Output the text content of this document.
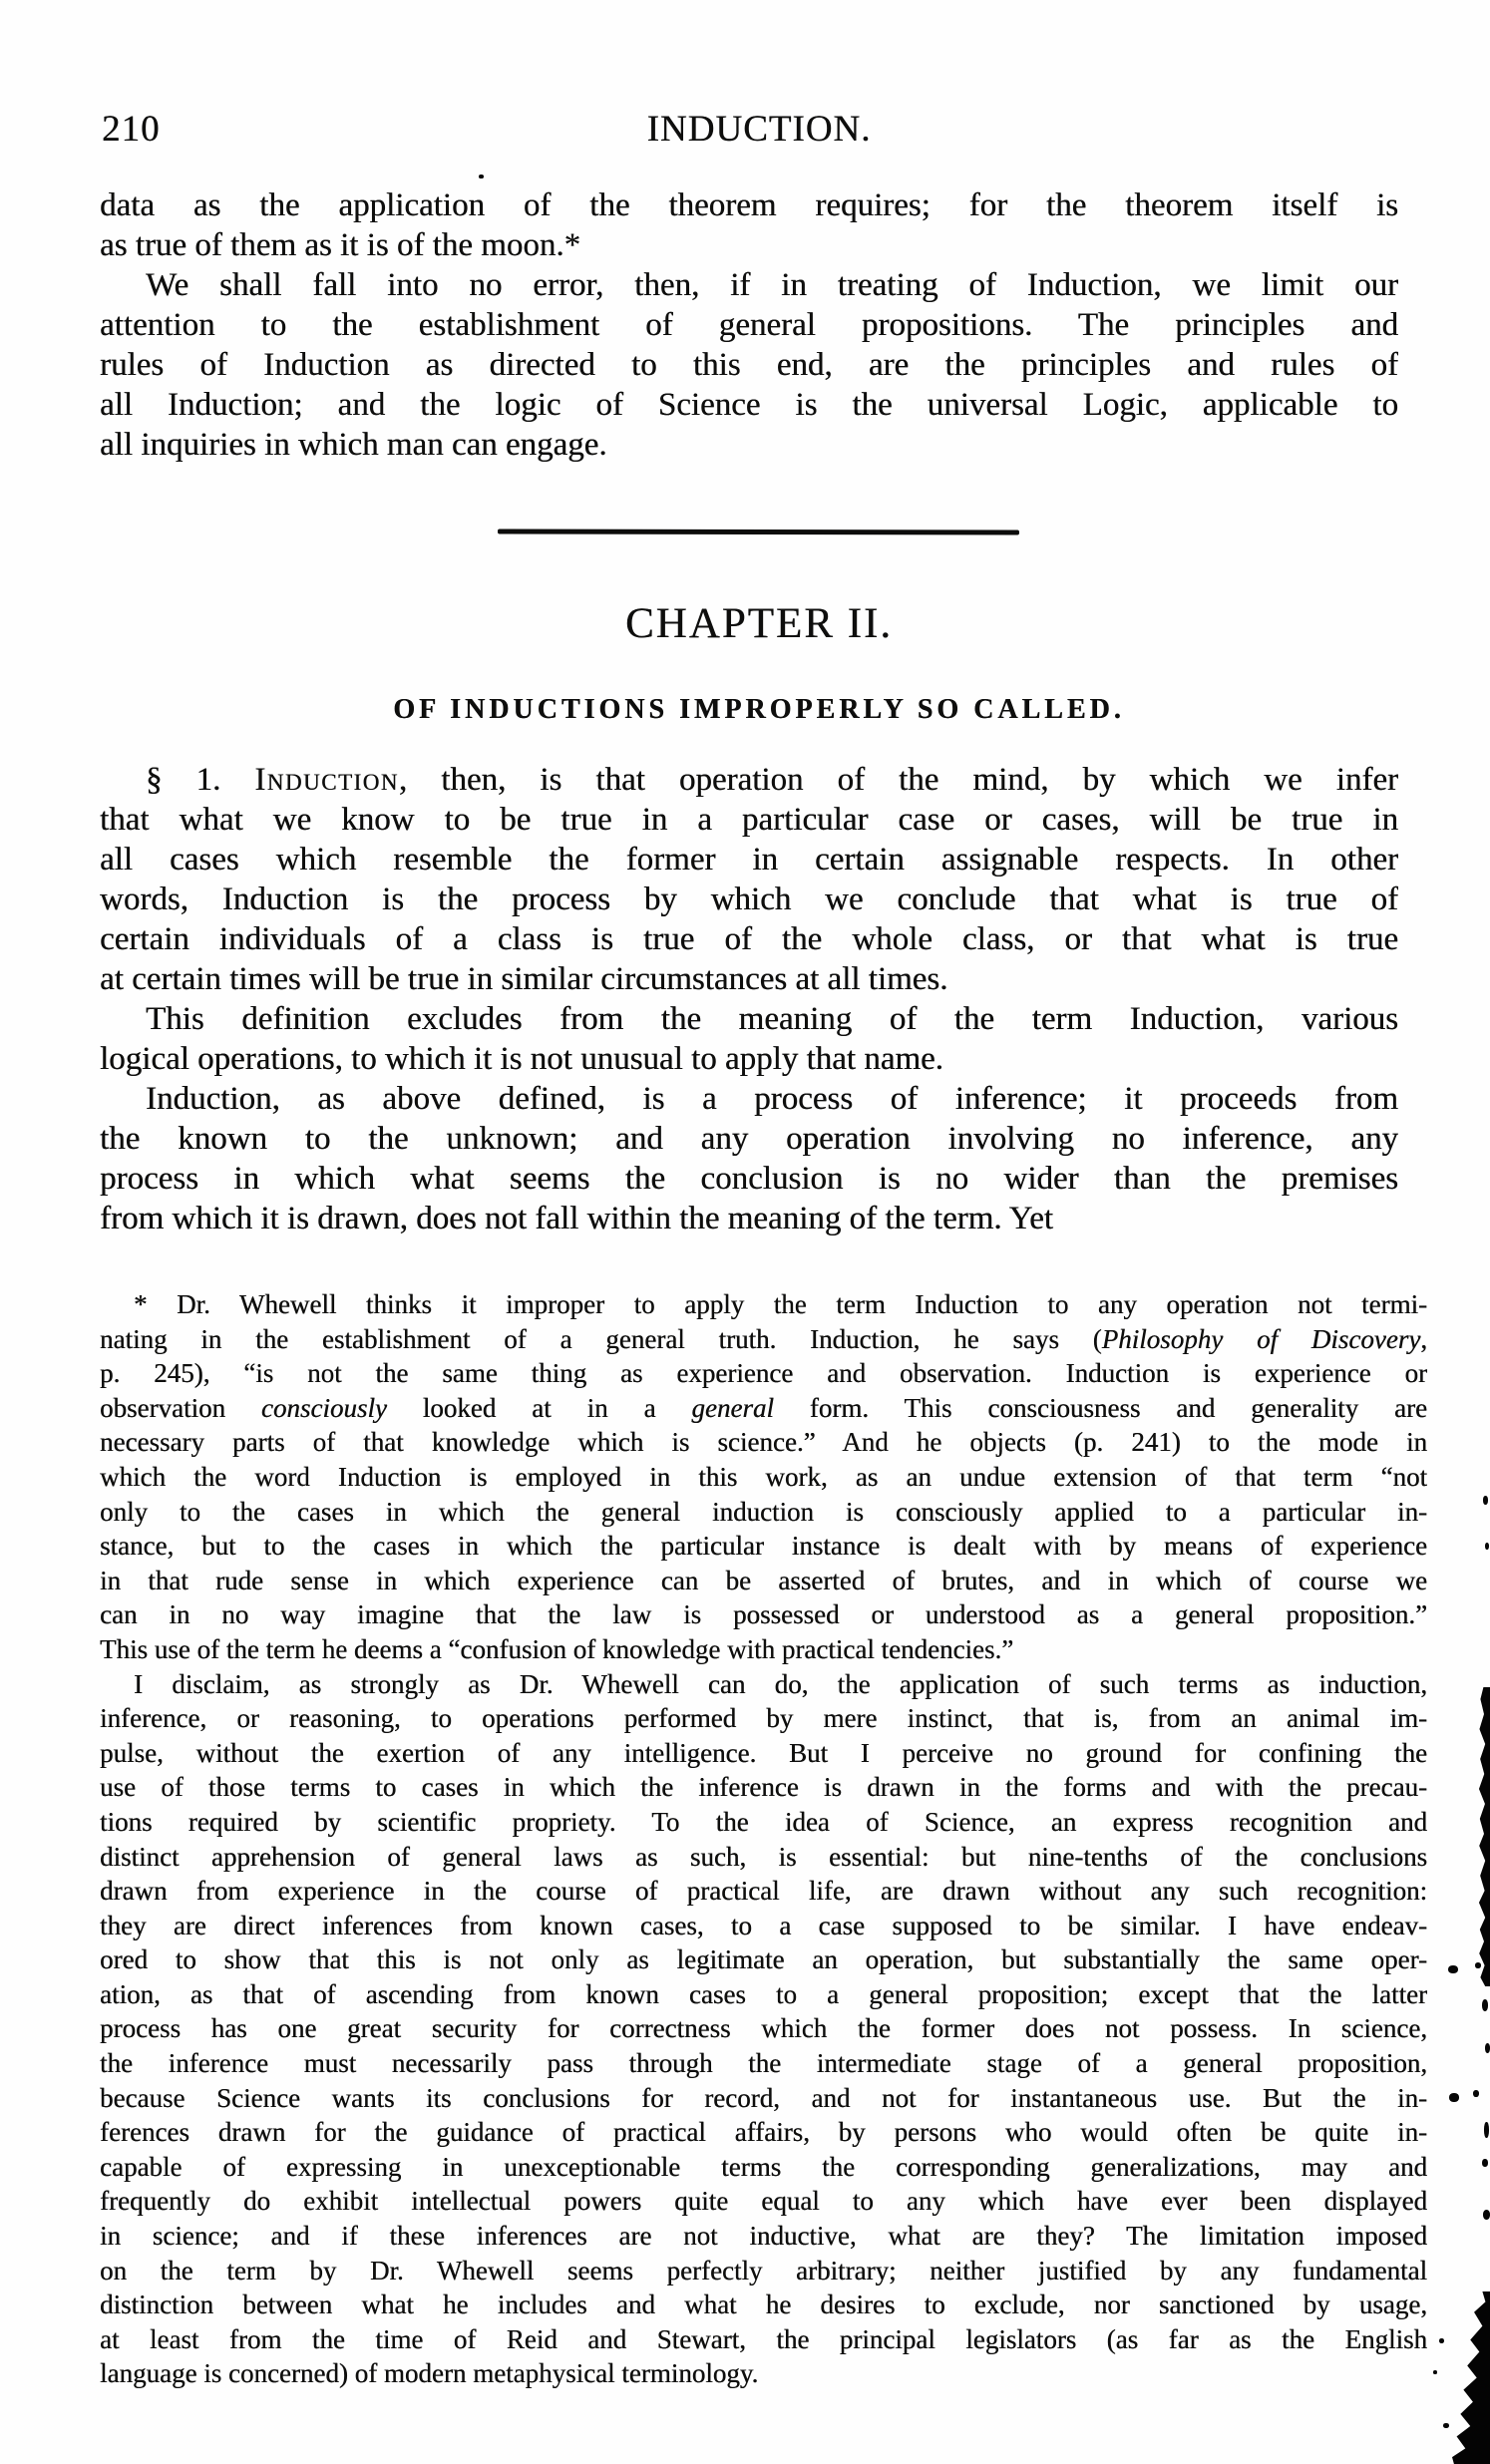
210	INDUCTION.
data as the application of the theorem requires; for the theorem itself is
as true of them as it is of the moon.*
We shall fall into no error, then, if in treating of Induction, we limit our
attention to the establishment of general propositions. The principles and
rules of Induction as directed to this end, are the principles and rules of
all Induction; and the logic of Science is the universal Logic, applicable to
all inquiries in which man can engage.
CHAPTER II.
OF INDUCTIONS IMPROPERLY SO CALLED.
§ 1. Induction, then, is that operation of the mind, by which we infer
that what we know to be true in a particular case or cases, will be true in
all cases which resemble the former in certain assignable respects. In other
words, Induction is the process by which we conclude that what is true of
certain individuals of a class is true of the whole class, or that what is true
at certain times will be true in similar circumstances at all times.
This definition excludes from the meaning of the term Induction, various
logical operations, to which it is not unusual to apply that name.
Induction, as above defined, is a process of inference; it proceeds from
the known to the unknown; and any operation involving no inference, any
process in which what seems the conclusion is no wider than the premises
from which it is drawn, does not fall within the meaning of the term. Yet
* Dr. Whewell thinks it improper to apply the term Induction to any operation not termi-
nating in the establishment of a general truth. Induction, he says (Philosophy of Discovery,
p. 245), “is not the same thing as experience and observation. Induction is experience or
observation consciously looked at in a general form. This consciousness and generality are
necessary parts of that knowledge which is science.” And he objects (p. 241) to the mode in
which the word Induction is employed in this work, as an undue extension of that term “not
only to the cases in which the general induction is consciously applied to a particular in-
stance, but to the cases in which the particular instance is dealt with by means of experience
in that rude sense in which experience can be asserted of brutes, and in which of course we
can in no way imagine that the law is possessed or understood as a general proposition.”
This use of the term he deems a “confusion of knowledge with practical tendencies.”
I disclaim, as strongly as Dr. Whewell can do, the application of such terms as induction,
inference, or reasoning, to operations performed by mere instinct, that is, from an animal im-
pulse, without the exertion of any intelligence. But I perceive no ground for confining the
use of those terms to cases in which the inference is drawn in the forms and with the precau-
tions required by scientific propriety. To the idea of Science, an express recognition and
distinct apprehension of general laws as such, is essential: but nine-tenths of the conclusions
drawn from experience in the course of practical life, are drawn without any such recognition:
they are direct inferences from known cases, to a case supposed to be similar. I have endeav-
ored to show that this is not only as legitimate an operation, but substantially the same oper-
ation, as that of ascending from known cases to a general proposition; except that the latter
process has one great security for correctness which the former does not possess. In science,
the inference must necessarily pass through the intermediate stage of a general proposition,
because Science wants its conclusions for record, and not for instantaneous use. But the in-
ferences drawn for the guidance of practical affairs, by persons who would often be quite in-
capable of expressing in unexceptionable terms the corresponding generalizations, may and
frequently do exhibit intellectual powers quite equal to any which have ever been displayed
in science; and if these inferences are not inductive, what are they? The limitation imposed
on the term by Dr. Whewell seems perfectly arbitrary; neither justified by any fundamental
distinction between what he includes and what he desires to exclude, nor sanctioned by usage,
at least from the time of Reid and Stewart, the principal legislators (as far as the English
language is concerned) of modern metaphysical terminology.
